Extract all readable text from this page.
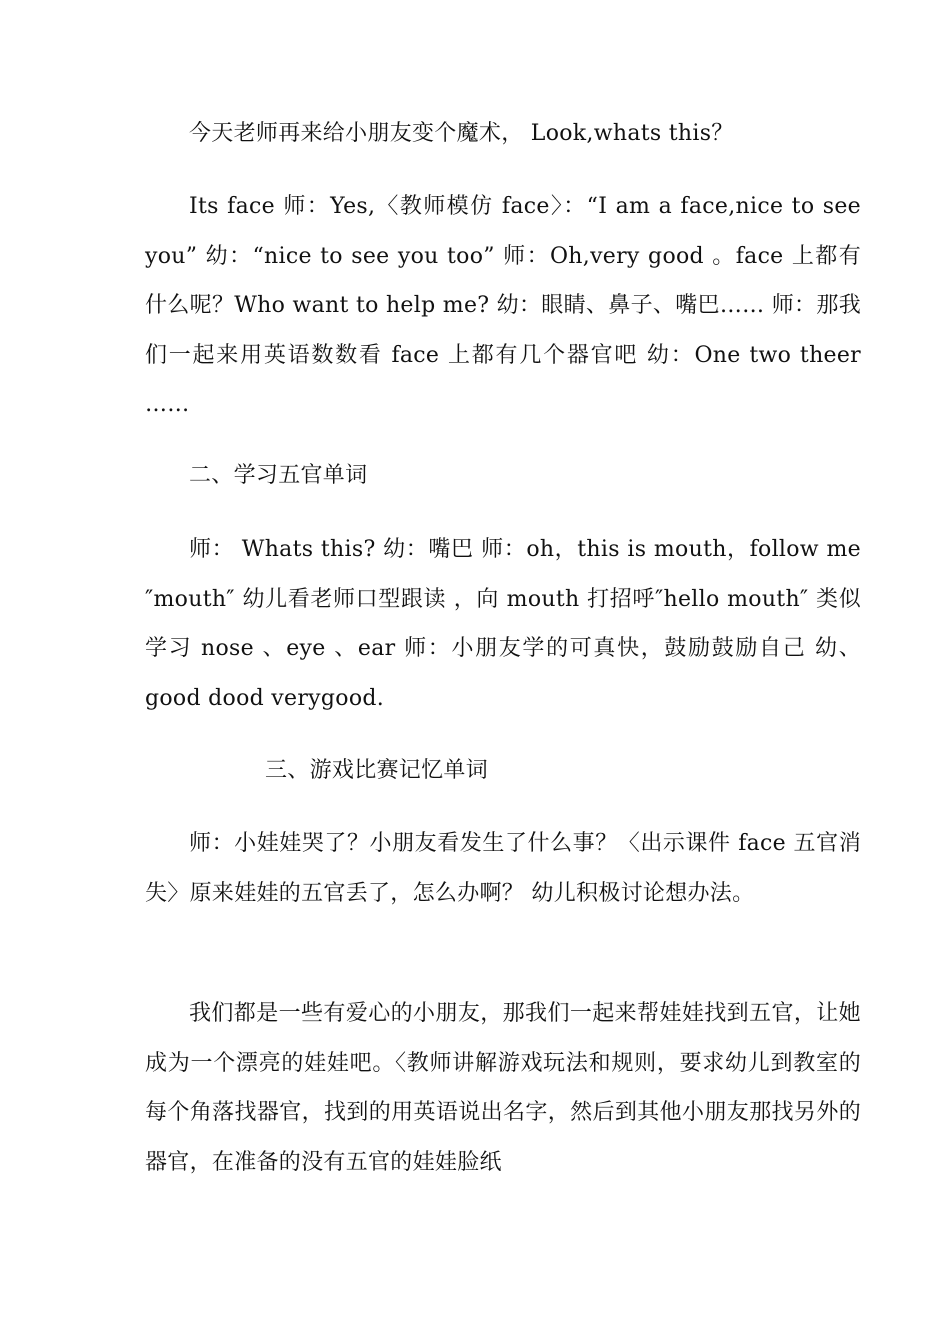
今天老师再来给小朋友变个魔术， Look,whats this？

Its face 师：Yes,〈教师模仿 face〉：“I am a face,nice to see you” 幼：“nice to see you too” 师：Oh,very good 。face 上都有什么呢？Who want to help me? 幼：眼睛、鼻子、嘴巴…… 师：那我们一起来用英语数数看 face 上都有几个器官吧 幼：One two theer ……

二、学习五官单词

师： Whats this? 幼：嘴巴 师：oh，this is mouth，follow me ″mouth″ 幼儿看老师口型跟读 ，向 mouth 打招呼″hello mouth″ 类似学习 nose 、eye 、ear 师：小朋友学的可真快，鼓励鼓励自己 幼、good dood verygood.

三、游戏比赛记忆单词

师：小娃娃哭了？小朋友看发生了什么事？〈出示课件 face 五官消失〉原来娃娃的五官丢了，怎么办啊？ 幼儿积极讨论想办法。

我们都是一些有爱心的小朋友，那我们一起来帮娃娃找到五官，让她成为一个漂亮的娃娃吧。〈教师讲解游戏玩法和规则，要求幼儿到教室的每个角落找器官，找到的用英语说出名字，然后到其他小朋友那找另外的器官，在准备的没有五官的娃娃脸纸
